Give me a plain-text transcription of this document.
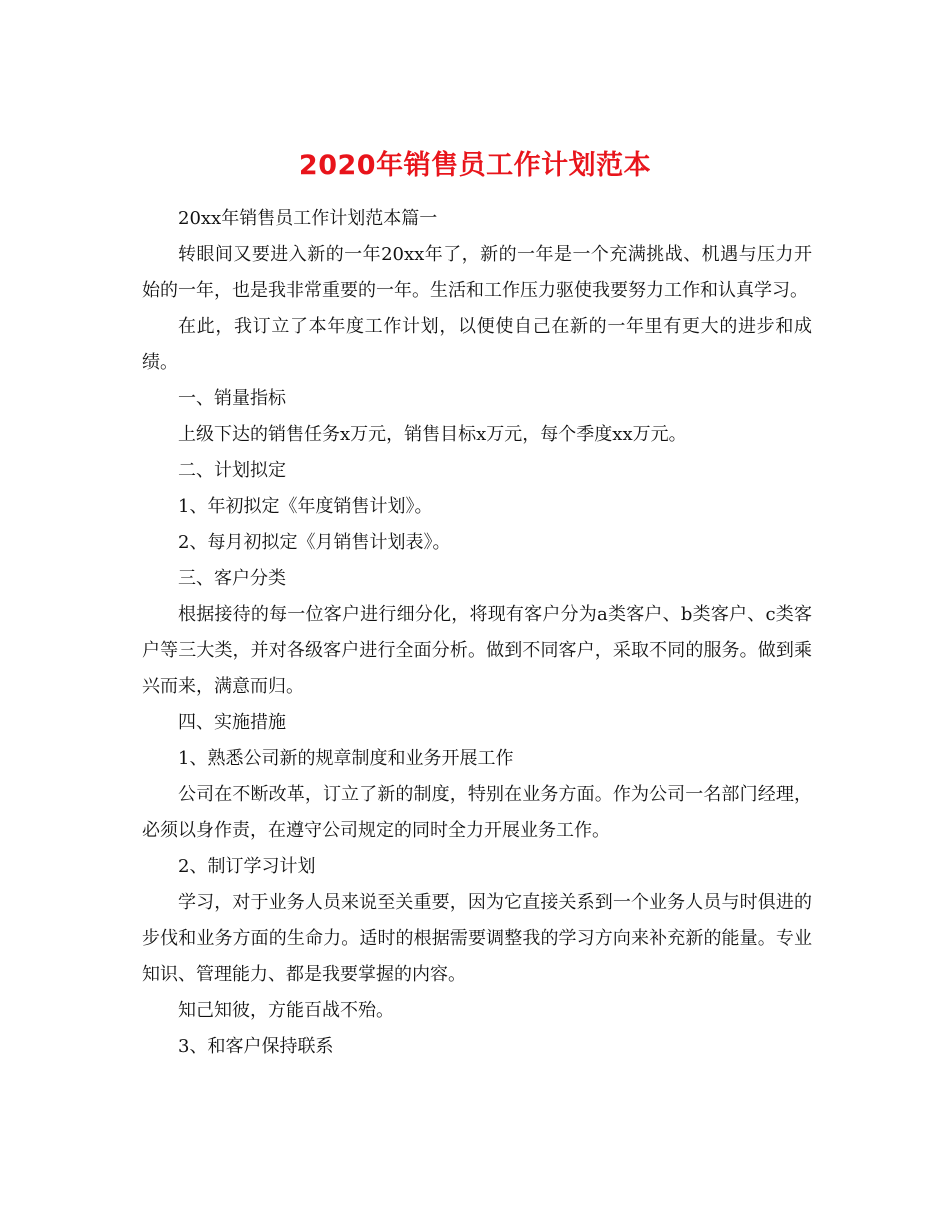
2020年销售员工作计划范本

20xx年销售员工作计划范本篇一

转眼间又要进入新的一年20xx年了，新的一年是一个充满挑战、机遇与压力开始的一年，也是我非常重要的一年。生活和工作压力驱使我要努力工作和认真学习。

在此，我订立了本年度工作计划，以便使自己在新的一年里有更大的进步和成绩。

一、销量指标

上级下达的销售任务x万元，销售目标x万元，每个季度xx万元。

二、计划拟定

1、年初拟定《年度销售计划》。

2、每月初拟定《月销售计划表》。

三、客户分类

根据接待的每一位客户进行细分化，将现有客户分为a类客户、b类客户、c类客户等三大类，并对各级客户进行全面分析。做到不同客户，采取不同的服务。做到乘兴而来，满意而归。

四、实施措施

1、熟悉公司新的规章制度和业务开展工作

公司在不断改革，订立了新的制度，特别在业务方面。作为公司一名部门经理，必须以身作责，在遵守公司规定的同时全力开展业务工作。

2、制订学习计划

学习，对于业务人员来说至关重要，因为它直接关系到一个业务人员与时俱进的步伐和业务方面的生命力。适时的根据需要调整我的学习方向来补充新的能量。专业知识、管理能力、都是我要掌握的内容。

知己知彼，方能百战不殆。

3、和客户保持联系
